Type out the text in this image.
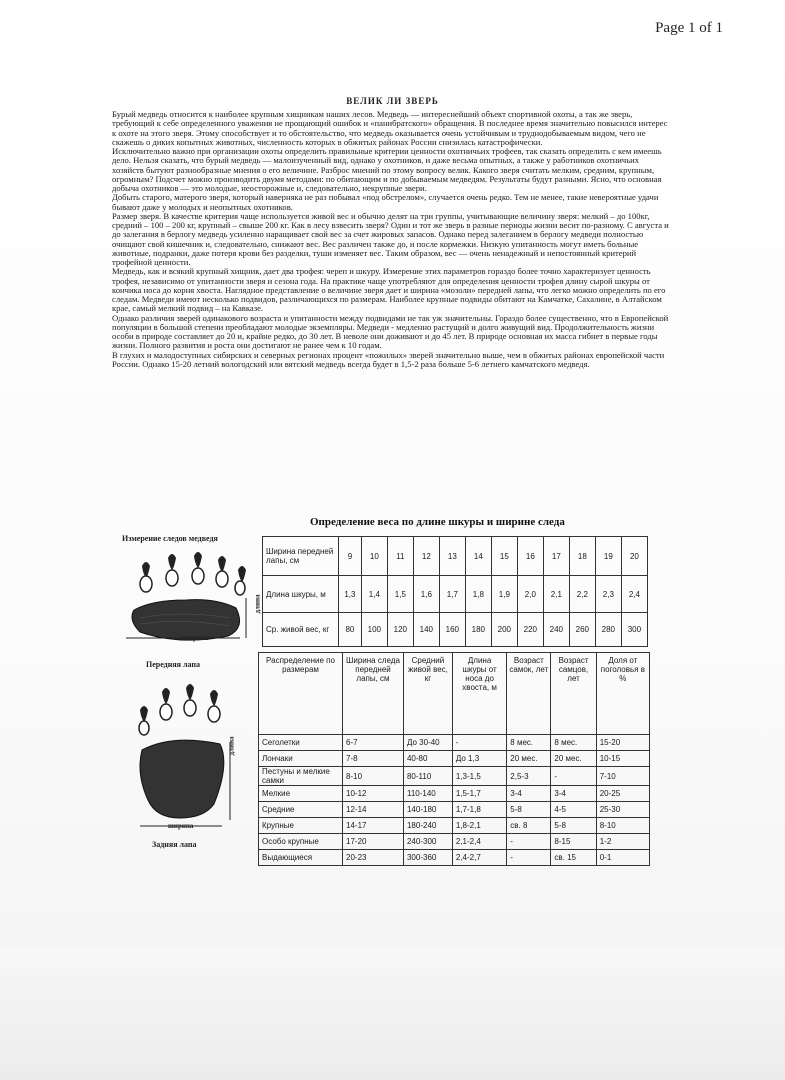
Page 1 of 1
ВЕЛИК ЛИ ЗВЕРЬ

Бурый медведь относится к наиболее крупным хищникам наших лесов. Медведь — интереснейший объект спортивной охоты, а так же зверь, требующий к себе определенного уважения не прощающий ошибок и «панибратского» обращения. В последнее время значительно повысился интерес к охоте на этого зверя. Этому способствует и то обстоятельство, что медведь оказывается очень устойчивым и труднодобываемым видом, чего не скажешь о диких копытных животных, численность которых в обжитых районах России снизилась катастрофически.

Исключительно важно при организации охоты определить правильные критерии ценности охотничьих трофеев, так сказать определить с кем имеешь дело. Нельзя сказать, что бурый медведь — малоизученный вид, однако у охотников, и даже весьма опытных, а также у работников охотничьих хозяйств бытуют разнообразные мнения о его величине. Разброс мнений по этому вопросу велик. Какого зверя считать мелким, средним, крупным, огромным? Подсчет можно производить двумя методами: по обитающим и по добываемым медведям. Результаты будут разными. Ясно, что основная добыча охотников — это молодые, неосторожные и, следовательно, некрупные звери.

Добыть старого, матерого зверя, который наверняка не раз побывал «под обстрелом», случается очень редко. Тем не менее, такие невероятные удачи бывают даже у молодых и неопытных охотников.

Размер зверя. В качестве критерия чаще используется живой вес и обычно делят на три группы, учитывающие величину зверя: мелкий – до 100кг, средний – 100 – 200 кг, крупный – свыше 200 кг. Как в лесу взвесить зверя? Один и тот же зверь в разные периоды жизни весит по-разному. С августа и до залегания в берлогу медведь усиленно наращивает свой вес за счет жировых запасов. Однако перед залеганием в берлогу медведи полностью очищают свой кишечник и, следовательно, снижают вес. Вес различен также до, и после кормежки. Низкую упитанность могут иметь больные животные, подранки, даже потеря крови без разделки, туши изменяет вес. Таким образом, вес — очень ненадежный и непостоянный критерий трофейной ценности.

Медведь, как и всякий крупный хищник, дает два трофея: череп и шкуру. Измерение этих параметров гораздо более точно характеризует ценность трофея, независимо от упитанности зверя и сезона года. На практике чаще употребляют для определения ценности трофея длину сырой шкуры от кончика носа до корня хвоста. Наглядное представление о величине зверя дает и ширина «мозоли» передней лапы, что легко можно определить по его следам. Медведи имеют несколько подвидов, различающихся по размерам. Наиболее крупные подвиды обитают на Камчатке, Сахалине, в Алтайском крае, самый мелкий подвид – на Кавказе.

Однако различия зверей одинакового возраста и упитанности между подвидами не так уж значительны. Гораздо более существенно, что в Европейской популяции в большой степени преобладают молодые экземпляры. Медведи - медленно растущий и долго живущий вид. Продолжительность жизни особи в природе составляет до 20 и, крайне редко, до 30 лет. В неволе они доживают и до 45 лет. В природе основная их масса гибнет в первые годы жизни. Полного развития и роста они достигают не ранее чем к 10 годам.

В глухих и малодоступных сибирских и северных регионах процент «пожилых» зверей значительно выше, чем в обжитых районах европейской части России. Однако 15-20 летний вологодский или вятский медведь всегда будет в 1,5-2 раза больше 5-6 летнего камчатского медведя.

Определение веса по длине шкуры и ширине следа
Измерение следов медведя
ширина
длина
Передняя лапа
ширина
длина
Задняя лапа
Ширина передней лапы, см	9	10	11	12	13	14	15	16	17	18	19	20
Длина шкуры, м	1,3	1,4	1,5	1,6	1,7	1,8	1,9	2,0	2,1	2,2	2,3	2,4
Ср. живой вес, кг	80	100	120	140	160	180	200	220	240	260	280	300
Распределение по размерам	Ширина следа передней лапы, см	Средний живой вес, кг	Длина шкуры от носа до хвоста, м	Возраст самок, лет	Возраст самцов, лет	Доля от поголовья в %
Сеголетки	6-7	До 30-40	-	8 мес.	8 мес.	15-20
Лончаки	7-8	40-80	До 1,3	20 мес.	20 мес.	10-15
Пестуны и мелкие самки	8-10	80-110	1,3-1,5	2,5-3	-	7-10
Мелкие	10-12	110-140	1,5-1,7	3-4	3-4	20-25
Средние	12-14	140-180	1,7-1,8	5-8	4-5	25-30
Крупные	14-17	180-240	1,8-2,1	св. 8	5-8	8-10
Особо крупные	17-20	240-300	2,1-2,4	-	8-15	1-2
Выдающиеся	20-23	300-360	2,4-2,7	-	св. 15	0-1
